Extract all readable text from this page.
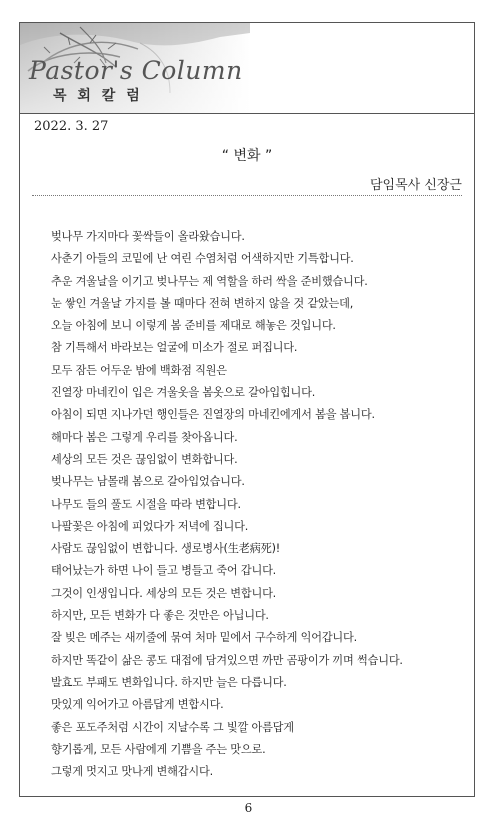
Pastor's Column
목 회 칼 럼
2022. 3. 27
“ 변화 ”
담임목사 신장근
벚나무 가지마다 꽃싹들이 올라왔습니다.
사춘기 아들의 코밑에 난 여린 수염처럼 어색하지만 기특합니다.
추운 겨울날을 이기고 벚나무는 제 역할을 하러 싹을 준비했습니다.
눈 쌓인 겨울날 가지를 볼 때마다 전혀 변하지 않을 것 같았는데,
오늘 아침에 보니 이렇게 봄 준비를 제대로 해놓은 것입니다.
참 기특해서 바라보는 얼굴에 미소가 절로 퍼집니다.
모두 잠든 어두운 밤에 백화점 직원은
진열장 마네킨이 입은 겨울옷을 봄옷으로 갈아입힙니다.
아침이 되면 지나가던 행인들은 진열장의 마네킨에게서 봄을 봅니다.
해마다 봄은 그렇게 우리를 찾아옵니다.
세상의 모든 것은 끊임없이 변화합니다.
벚나무는 남몰래 봄으로 갈아입었습니다.
나무도 들의 풀도 시절을 따라 변합니다.
나팔꽃은 아침에 피었다가 저녁에 집니다.
사람도 끊임없이 변합니다. 생로병사(生老病死)!
태어났는가 하면 나이 들고 병들고 죽어 갑니다.
그것이 인생입니다. 세상의 모든 것은 변합니다.
하지만, 모든 변화가 다 좋은 것만은 아닙니다.
잘 빚은 메주는 새끼줄에 묶여 처마 밑에서 구수하게 익어갑니다.
하지만 똑같이 삶은 콩도 대접에 담겨있으면 까만 곰팡이가 끼며 썩습니다.
발효도 부패도 변화입니다. 하지만 늘은 다릅니다.
맛있게 익어가고 아름답게 변합시다.
좋은 포도주처럼 시간이 지날수록 그 빛깔 아름답게
향기롭게, 모든 사람에게 기쁨을 주는 맛으로.
그렇게 멋지고 맛나게 변해갑시다.
6
